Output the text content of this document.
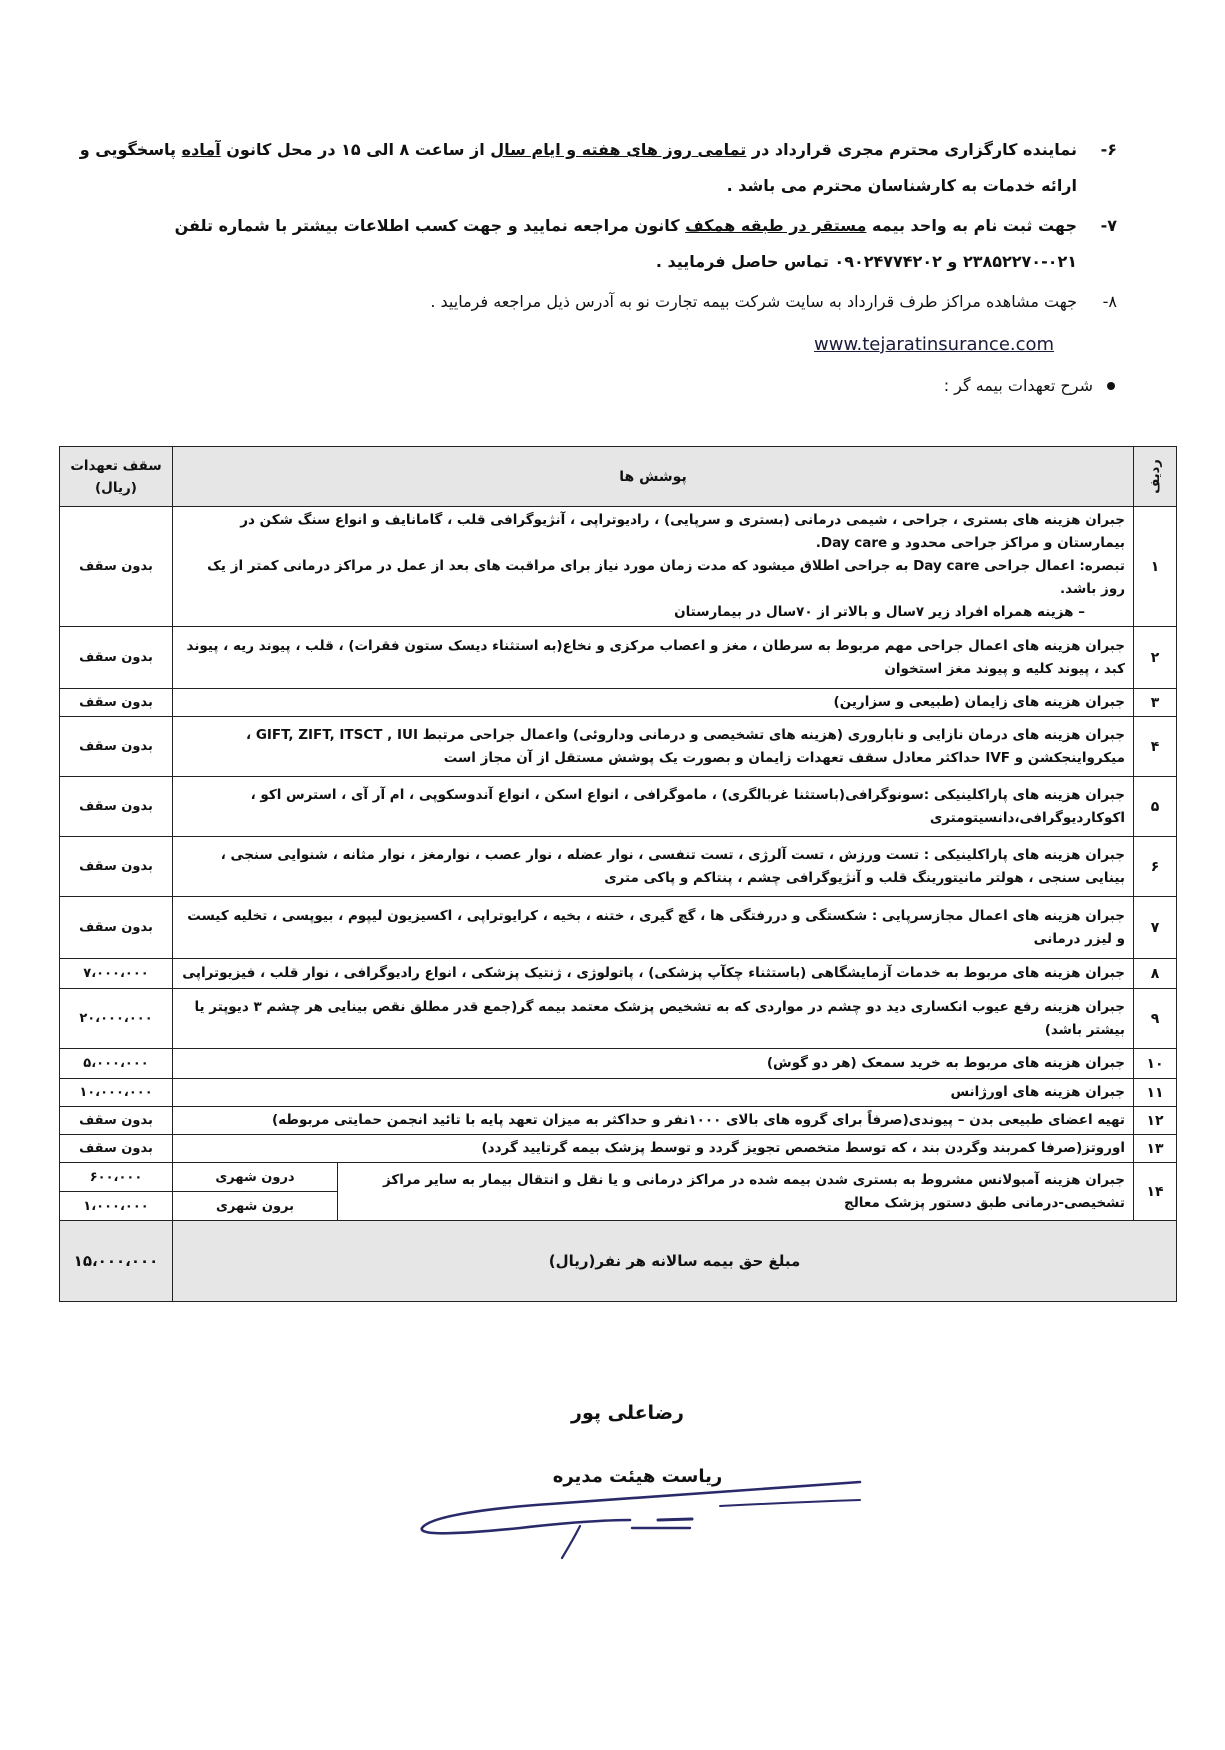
۶-
نماینده کارگزاری محترم مجری قرارداد در تمامی روز های هفته و ایام سال از ساعت ۸ الی ۱۵ در محل کانون آماده پاسخگویی و ارائه خدمات به کارشناسان محترم می باشد .
۷-
جهت ثبت نام به واحد بیمه مستقر در طبقه همکف کانون مراجعه نمایید و جهت کسب اطلاعات بیشتر با شماره تلفن ۰۲۱-۲۳۸۵۲۲۷۰ و ۰۹۰۲۴۷۷۴۲۰۲ تماس حاصل فرمایید .
۸-
جهت مشاهده مراکز طرف قرارداد به سایت شرکت بیمه تجارت نو به آدرس ذیل مراجعه فرمایید .
www.tejaratinsurance.com
شرح تعهدات بیمه گر :
ردیف	پوشش ها		سقف تعهدات
(ریال)

۱	جبران هزینه های بستری ، جراحی ، شیمی درمانی (بستری و سرپایی) ، رادیوتراپی ، آنژیوگرافی قلب ، گامانایف و انواع سنگ شکن در بیمارستان و مراکز جراحی محدود و Day care.
تبصره: اعمال جراحی Day care به جراحی اطلاق میشود که مدت زمان مورد نیاز برای مراقبت های بعد از عمل در مراکز درمانی کمتر از یک روز باشد.
– هزینه همراه افراد زیر ۷سال و بالاتر از ۷۰سال در بیمارستان		بدون سقف
۲	جبران هزینه های اعمال جراحی مهم مربوط به سرطان ، مغز و اعصاب مرکزی و نخاع(به استثناء دیسک ستون فقرات) ، قلب ، پیوند ریه ، پیوند کبد ، پیوند کلیه و پیوند مغز استخوان		بدون سقف
۳	جبران هزینه های زایمان (طبیعی و سزارین)		بدون سقف
۴	جبران هزینه های درمان نازایی و ناباروری (هزینه های تشخیصی و درمانی وداروئی) واعمال جراحی مرتبط GIFT, ZIFT, ITSCT , IUI ، میکرواینجکشن و IVF حداکثر معادل سقف تعهدات زایمان و بصورت یک پوشش مستقل از آن مجاز است		بدون سقف
۵	جبران هزینه های پاراکلینیکی :سونوگرافی(باستثنا غربالگری) ، ماموگرافی ، انواع اسکن ، انواع آندوسکوپی ، ام آر آی ، استرس اکو ، اکوکاردیوگرافی،دانسیتومتری		بدون سقف
۶	جبران هزینه های پاراکلینیکی : تست ورزش ، تست آلرژی ، تست تنفسی ، نوار عضله ، نوار عصب ، نوارمغز ، نوار مثانه ، شنوایی سنجی ، بینایی سنجی ، هولتر مانیتورینگ قلب و آنژیوگرافی چشم ، پنتاکم و پاکی متری		بدون سقف
۷	جبران هزینه های اعمال مجازسرپایی : شکستگی و دررفتگی ها ، گچ گیری ، ختنه ، بخیه ، کرایوتراپی ، اکسیزیون لیپوم ، بیوپسی ، تخلیه کیست و لیزر درمانی		بدون سقف
۸	جبران هزینه های مربوط به خدمات آزمایشگاهی (باستثناء چکآپ پزشکی) ، پاتولوژی ، ژنتیک پزشکی ، انواع رادیوگرافی ، نوار قلب ، فیزیوتراپی		۷،۰۰۰،۰۰۰
۹	جبران هزینه رفع عیوب انکساری دید دو چشم در مواردی که به تشخیص پزشک معتمد بیمه گر(جمع قدر مطلق نقص بینایی هر چشم ۳ دیوپتر یا بیشتر باشد)		۲۰،۰۰۰،۰۰۰
۱۰	جبران هزینه های مربوط به خرید سمعک (هر دو گوش)		۵،۰۰۰،۰۰۰
۱۱	جبران هزینه های اورژانس		۱۰،۰۰۰،۰۰۰
۱۲	تهیه اعضای طبیعی بدن – پیوندی(صرفاً برای گروه های بالای ۱۰۰۰نفر و حداکثر به میزان تعهد پایه با تائید انجمن حمایتی مربوطه)		بدون سقف
۱۳	اوروتز(صرفا کمربند وگردن بند ، که توسط متخصص تجویز گردد و توسط پزشک بیمه گرتایید گردد)		بدون سقف
۱۴	جبران هزینه آمبولانس مشروط به بستری شدن بیمه شده در مراکز درمانی و یا نقل و انتقال بیمار به سایر مراکز تشخیصی-درمانی طبق دستور پزشک معالج	درون شهری	۶۰۰،۰۰۰
		برون شهری	۱،۰۰۰،۰۰۰
مبلغ حق بیمه سالانه هر نفر(ریال)			۱۵،۰۰۰،۰۰۰
رضاعلی پور
ریاست هیئت مدیره
